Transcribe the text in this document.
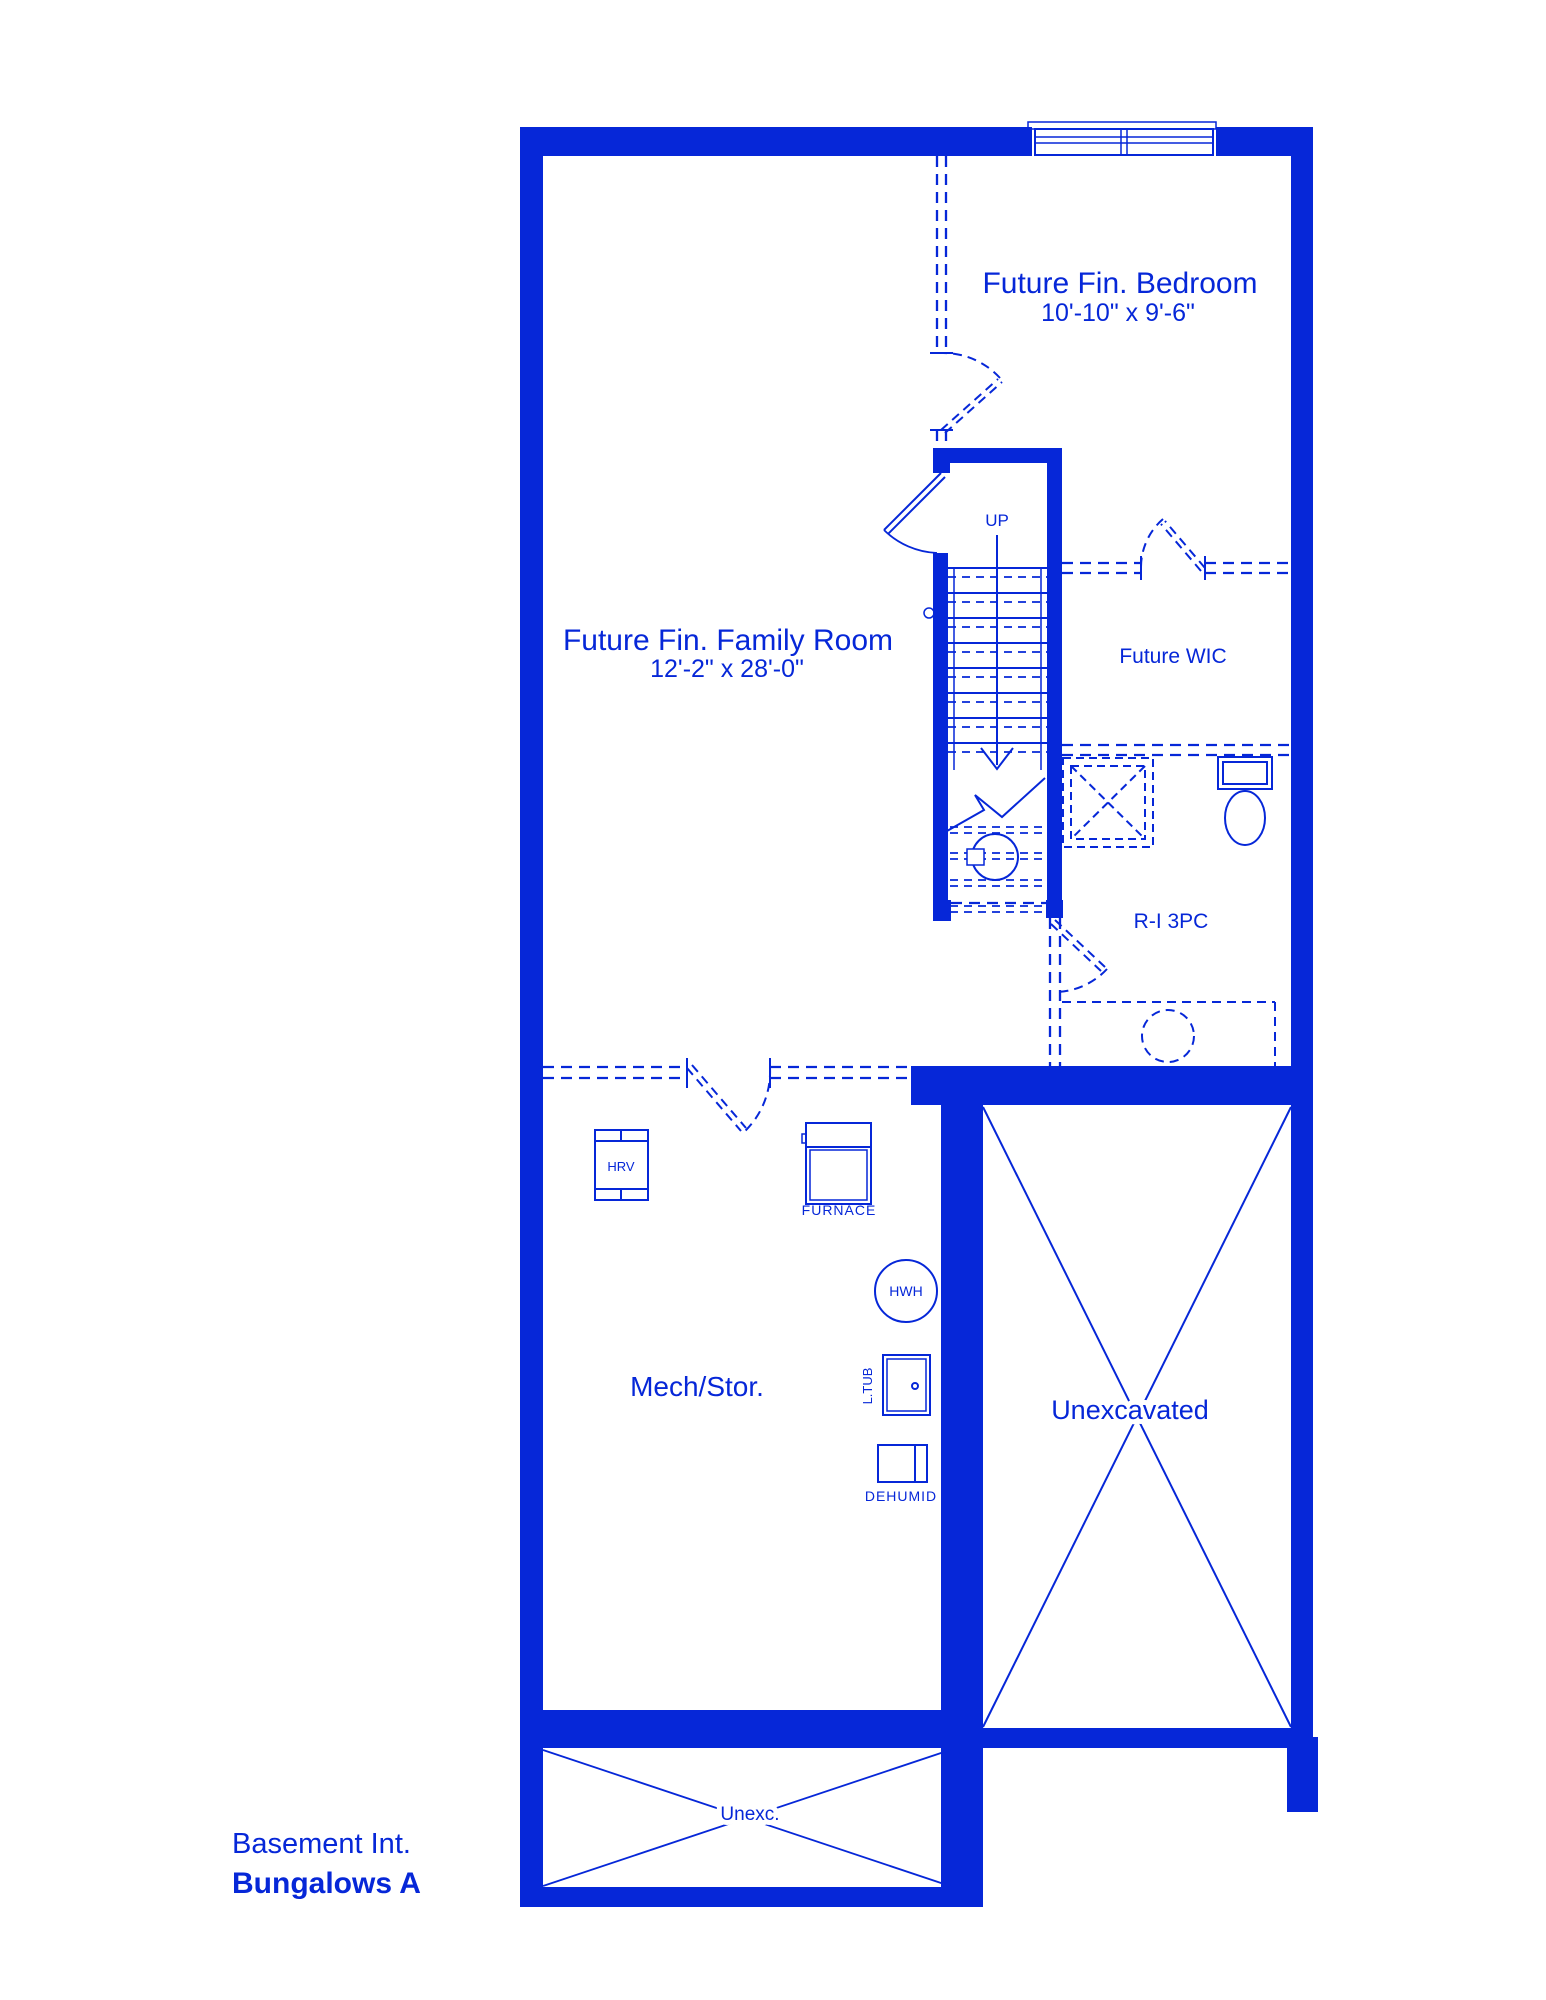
Future Fin. Bedroom
10'-10" x 9'-6"
Future Fin. Family Room
12'-2" x 28'-0"	Future WIC
R-I 3PC
UP
Mech/Stor.
Unexcavated
Unexc.
HRV
FURNACE
HWH
L.TUB
DEHUMID
Basement Int.
Bungalows A
